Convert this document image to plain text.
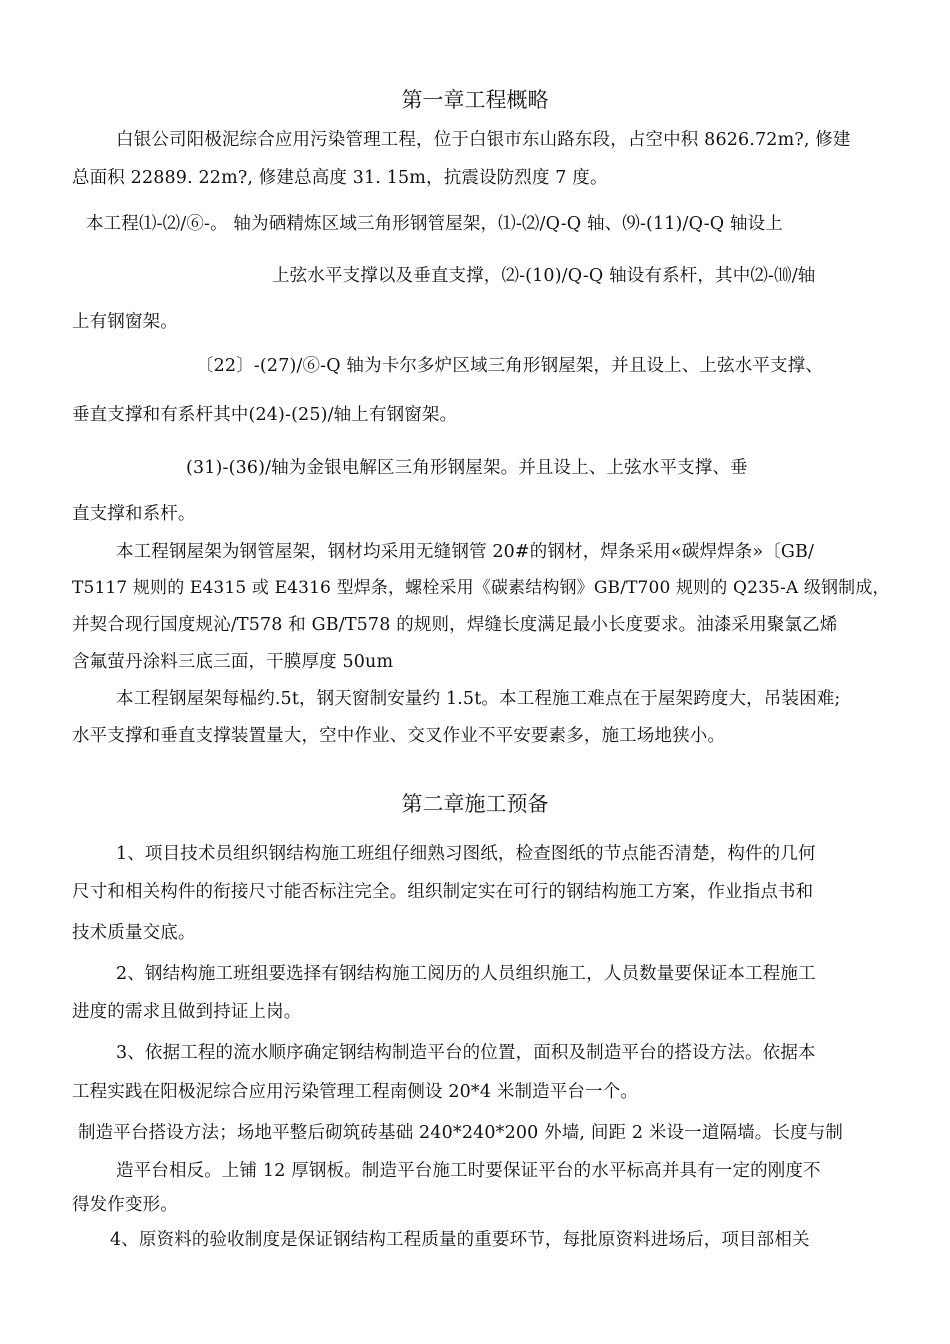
第一章工程概略
白银公司阳极泥综合应用污染管理工程，位于白银市东山路东段，占空中积 8626.72m?, 修建
总面积 22889. 22m?, 修建总高度 31. 15m，抗震设防烈度 7 度。
本工程⑴-⑵/⑥-。 轴为硒精炼区域三角形钢管屋架，⑴-⑵/Q-Q 轴、⑼-(11)/Q-Q 轴设上
上弦水平支撑以及垂直支撑，⑵-(10)/Q-Q 轴设有系杆，其中⑵-⑽/轴
上有钢窗架。
〔22〕-(27)/⑥-Q 轴为卡尔多炉区域三角形钢屋架，并且设上、上弦水平支撑、
垂直支撑和有系杆其中(24)-(25)/轴上有钢窗架。
(31)-(36)/轴为金银电解区三角形钢屋架。并且设上、上弦水平支撑、垂
直支撑和系杆。
本工程钢屋架为钢管屋架，钢材均采用无缝钢管 20#的钢材，焊条采用«碳焊焊条»〔GB/
T5117 规则的 E4315 或 E4316 型焊条，螺栓采用《碳素结构钢》GB/T700 规则的 Q235-A 级钢制成，
并契合现行国度规沁/T578 和 GB/T578 的规则，焊缝长度满足最小长度要求。油漆采用聚氯乙烯
含氟萤丹涂料三底三面，干膜厚度 50um
本工程钢屋架每榀约.5t，钢天窗制安量约 1.5t。本工程施工难点在于屋架跨度大，吊装困难;
水平支撑和垂直支撑装置量大，空中作业、交叉作业不平安要素多，施工场地狭小。
第二章施工预备
1、项目技术员组织钢结构施工班组仔细熟习图纸，检查图纸的节点能否清楚，构件的几何
尺寸和相关构件的衔接尺寸能否标注完全。组织制定实在可行的钢结构施工方案，作业指点书和
技术质量交底。
2、钢结构施工班组要选择有钢结构施工阅历的人员组织施工，人员数量要保证本工程施工
进度的需求且做到持证上岗。
3、依据工程的流水顺序确定钢结构制造平台的位置，面积及制造平台的搭设方法。依据本
工程实践在阳极泥综合应用污染管理工程南侧设 20*4 米制造平台一个。
制造平台搭设方法；场地平整后砌筑砖基础 240*240*200 外墙, 间距 2 米设一道隔墙。长度与制
造平台相反。上铺 12 厚钢板。制造平台施工时要保证平台的水平标高并具有一定的刚度不
得发作变形。
4、原资料的验收制度是保证钢结构工程质量的重要环节，每批原资料进场后，项目部相关
